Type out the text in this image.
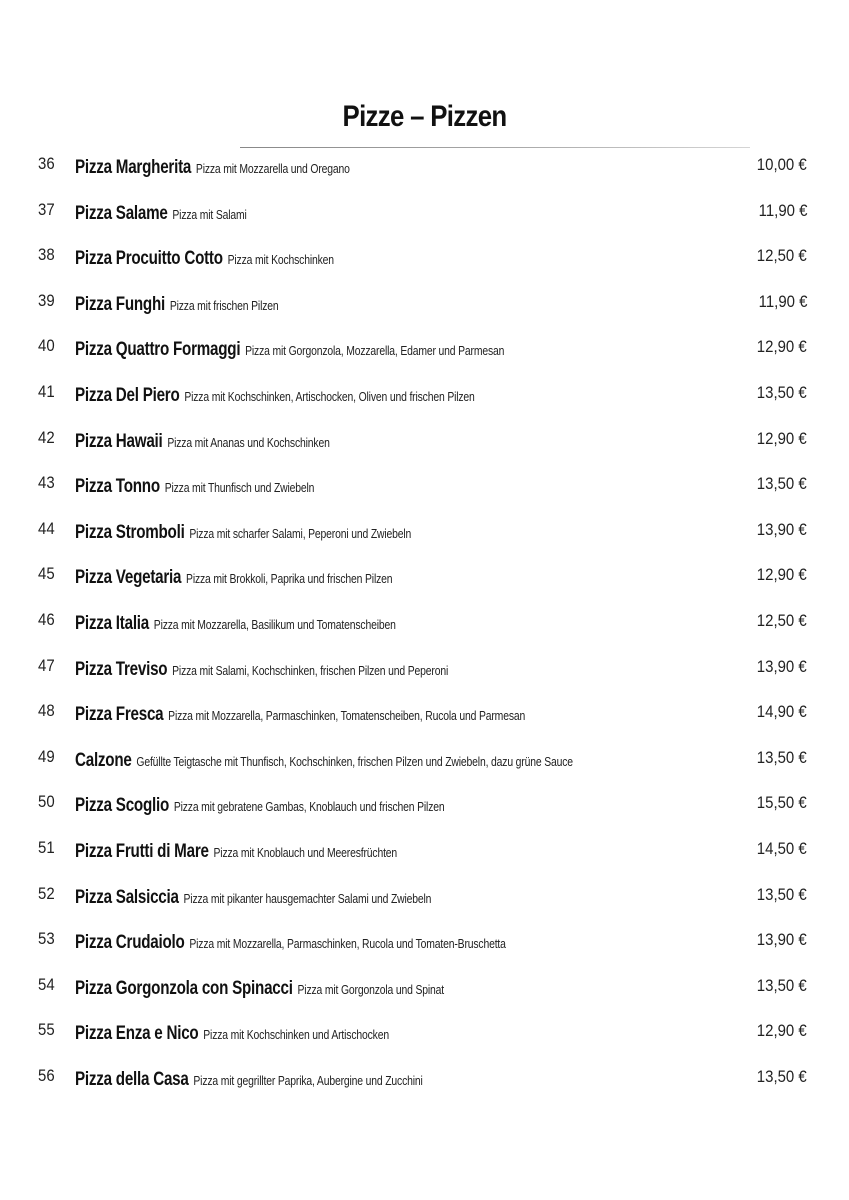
Pizze – Pizzen
36	Pizza Margherita Pizza mit Mozzarella und Oregano	10,00 €
37	Pizza Salame Pizza mit Salami	11,90 €
38	Pizza Procuitto Cotto Pizza mit Kochschinken	12,50 €
39	Pizza Funghi Pizza mit frischen Pilzen	11,90 €
40	Pizza Quattro Formaggi Pizza mit Gorgonzola, Mozzarella, Edamer und Parmesan	12,90 €
41	Pizza Del Piero Pizza mit Kochschinken, Artischocken, Oliven und frischen Pilzen	13,50 €
42	Pizza Hawaii Pizza mit Ananas und Kochschinken	12,90 €
43	Pizza Tonno Pizza mit Thunfisch und Zwiebeln	13,50 €
44	Pizza Stromboli Pizza mit scharfer Salami, Peperoni und Zwiebeln	13,90 €
45	Pizza Vegetaria Pizza mit Brokkoli, Paprika und frischen Pilzen	12,90 €
46	Pizza Italia Pizza mit Mozzarella, Basilikum und Tomatenscheiben	12,50 €
47	Pizza Treviso Pizza mit Salami, Kochschinken, frischen Pilzen und Peperoni	13,90 €
48	Pizza Fresca Pizza mit Mozzarella, Parmaschinken, Tomatenscheiben, Rucola und Parmesan	14,90 €
49	Calzone Gefüllte Teigtasche mit Thunfisch, Kochschinken, frischen Pilzen und Zwiebeln, dazu grüne Sauce	13,50 €
50	Pizza Scoglio Pizza mit gebratene Gambas, Knoblauch und frischen Pilzen	15,50 €
51	Pizza Frutti di Mare Pizza mit Knoblauch und Meeresfrüchten	14,50 €
52	Pizza Salsiccia Pizza mit pikanter hausgemachter Salami und Zwiebeln	13,50 €
53	Pizza Crudaiolo Pizza mit Mozzarella, Parmaschinken, Rucola und Tomaten-Bruschetta	13,90 €
54	Pizza Gorgonzola con Spinacci Pizza mit Gorgonzola und Spinat	13,50 €
55	Pizza Enza e Nico Pizza mit Kochschinken und Artischocken	12,90 €
56	Pizza della Casa Pizza mit gegrillter Paprika, Aubergine und Zucchini	13,50 €
